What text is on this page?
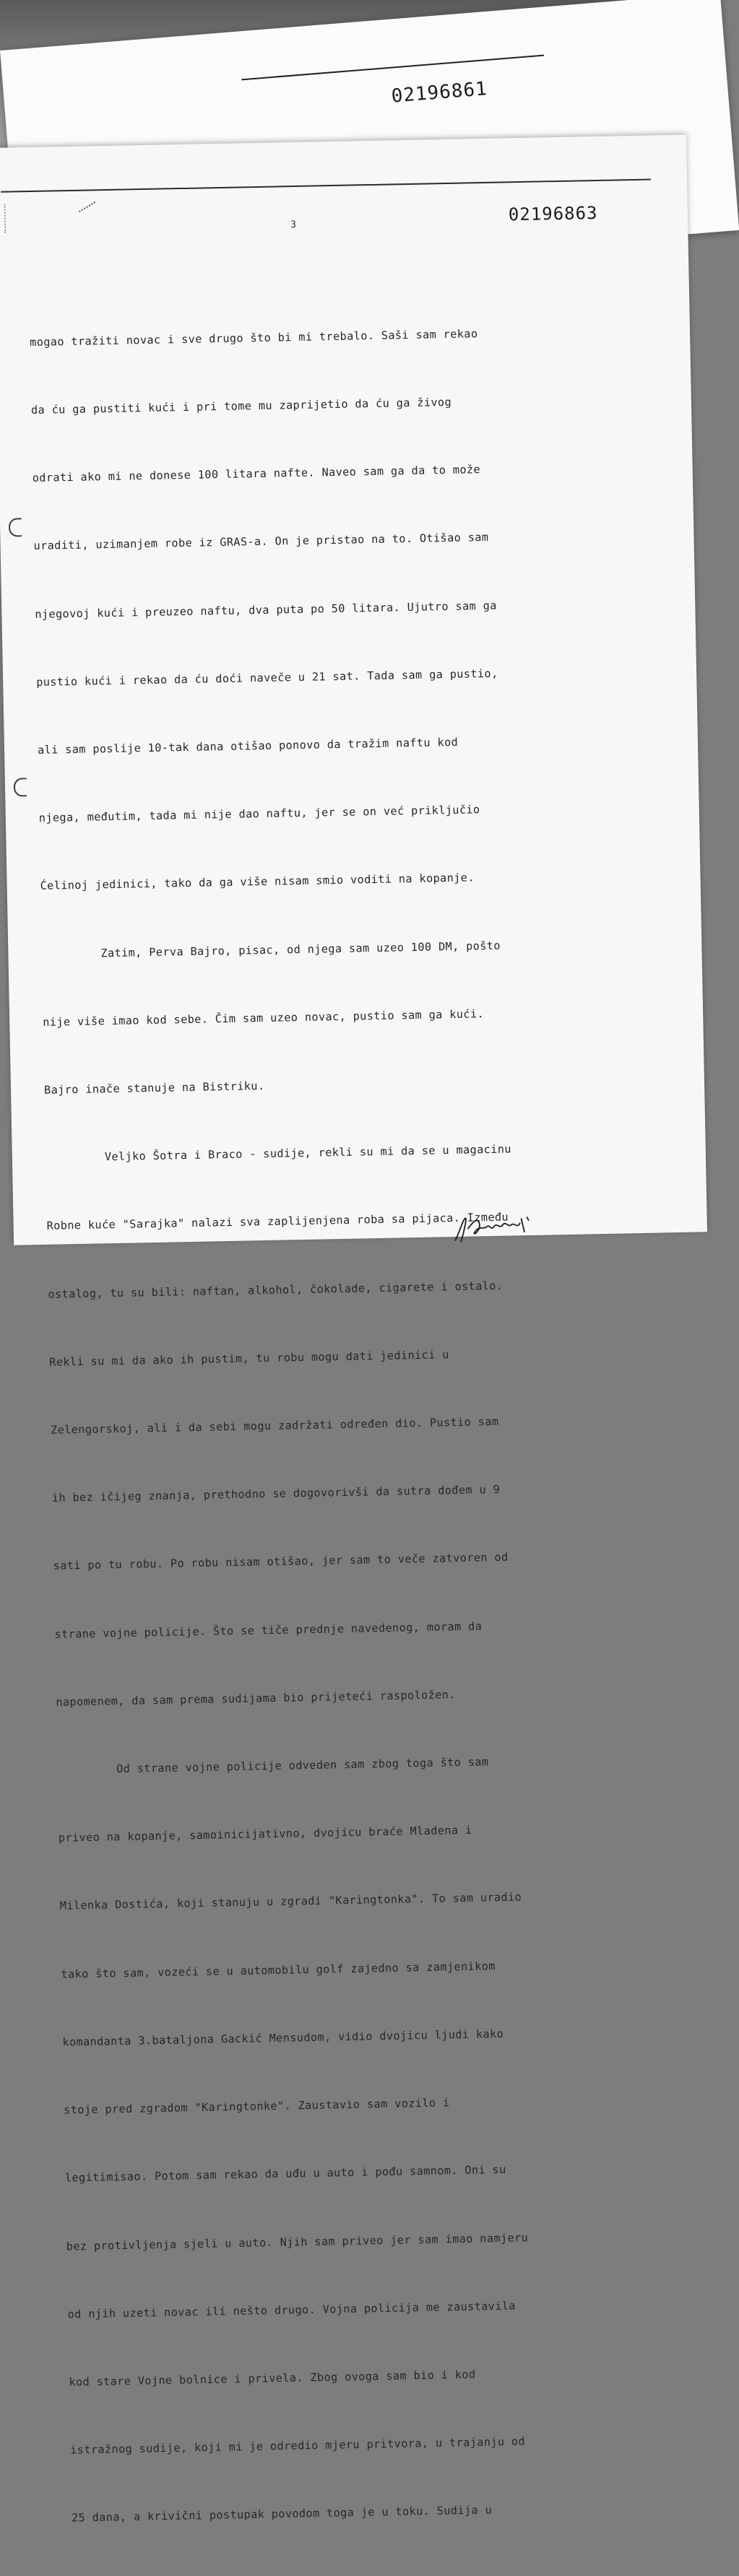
02196861
3
02196863

mogao tražiti novac i sve drugo što bi mi trebalo. Saši sam rekao

da ću ga pustiti kući i pri tome mu zaprijetio da ću ga živog

odrati ako mi ne donese 100 litara nafte. Naveo sam ga da to može

uraditi, uzimanjem robe iz GRAS-a. On je pristao na to. Otišao sam

njegovoj kući i preuzeo naftu, dva puta po 50 litara. Ujutro sam ga

pustio kući i rekao da ću doći naveče u 21 sat. Tada sam ga pustio,

ali sam poslije 10-tak dana otišao ponovo da tražim naftu kod

njega, međutim, tada mi nije dao naftu, jer se on već priključio

Ćelinoj jedinici, tako da ga više nisam smio voditi na kopanje.

Zatim, Perva Bajro, pisac, od njega sam uzeo 100 DM, pošto

nije više imao kod sebe. Čim sam uzeo novac, pustio sam ga kući.

Bajro inače stanuje na Bistriku.

Veljko Šotra i Braco - sudije, rekli su mi da se u magacinu

Robne kuće "Sarajka" nalazi sva zaplijenjena roba sa pijaca. Između

ostalog, tu su bili: naftan, alkohol, čokolade, cigarete i ostalo.

Rekli su mi da ako ih pustim, tu robu mogu dati jedinici u

Zelengorskoj, ali i da sebi mogu zadržati određen dio. Pustio sam

ih bez ičijeg znanja, prethodno se dogovorivši da sutra dođem u 9

sati po tu robu. Po robu nisam otišao, jer sam to veče zatvoren od

strane vojne policije. Što se tiče prednje navedenog, moram da

napomenem, da sam prema sudijama bio prijeteći raspoložen.

Od strane vojne policije odveden sam zbog toga što sam

priveo na kopanje, samoinicijativno, dvojicu braće Mladena i

Milenka Dostića, koji stanuju u zgradi "Karingtonka". To sam uradio

tako što sam, vozeći se u automobilu golf zajedno sa zamjenikom

komandanta 3.bataljona Gackić Mensudom, vidio dvojicu ljudi kako

stoje pred zgradom "Karingtonke". Zaustavio sam vozilo i

legitimisao. Potom sam rekao da uđu u auto i pođu samnom. Oni su

bez protivljenja sjeli u auto. Njih sam priveo jer sam imao namjeru

od njih uzeti novac ili nešto drugo. Vojna policija me zaustavila

kod stare Vojne bolnice i privela. Zbog ovoga sam bio i kod

istražnog sudije, koji mi je odredio mjeru pritvora, u trajanju od

25 dana, a krivični postupak povodom toga je u toku. Sudija u
